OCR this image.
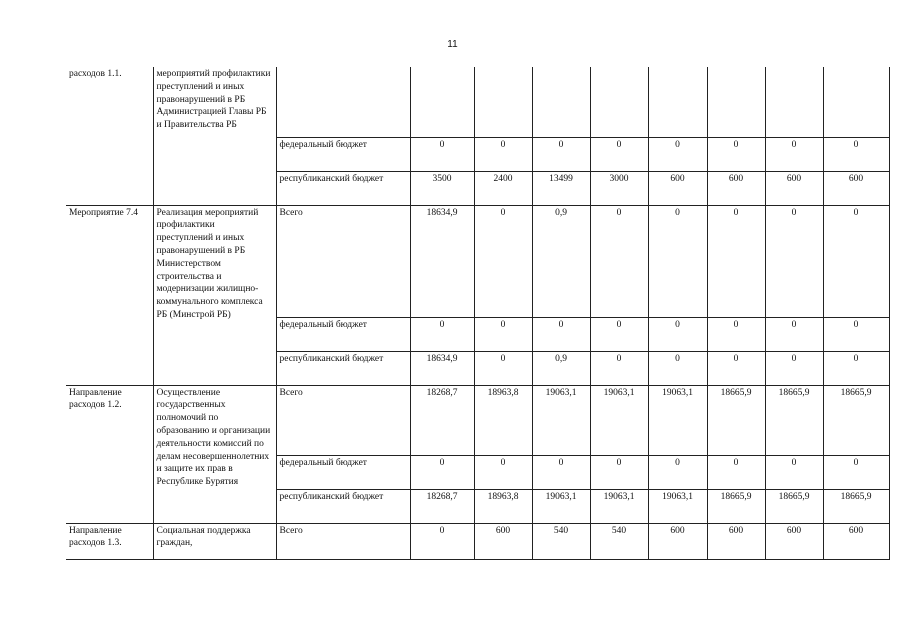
11
расходов 1.1.	мероприятий профилактики преступлений и иных правонарушений в РБ Администрацией Главы РБ и Правительства РБ									
		федеральный бюджет	0	0	0	0	0	0	0	0
		республиканский бюджет	3500	2400	13499	3000	600	600	600	600
Мероприятие 7.4	Реализация мероприятий профилактики преступлений и иных правонарушений в РБ Министерством строительства и модернизации жилищно-коммунального комплекса РБ (Минстрой РБ)	Всего	18634,9	0	0,9	0	0	0	0	0
		федеральный бюджет	0	0	0	0	0	0	0	0
		республиканский бюджет	18634,9	0	0,9	0	0	0	0	0
Направление расходов 1.2.	Осуществление государственных полномочий по образованию и организации деятельности комиссий по делам несовершеннолетних и защите их прав в Республике Бурятия	Всего	18268,7	18963,8	19063,1	19063,1	19063,1	18665,9	18665,9	18665,9
		федеральный бюджет	0	0	0	0	0	0	0	0
		республиканский бюджет	18268,7	18963,8	19063,1	19063,1	19063,1	18665,9	18665,9	18665,9
Направление расходов 1.3.	Социальная поддержка граждан,	Всего	0	600	540	540	600	600	600	600
